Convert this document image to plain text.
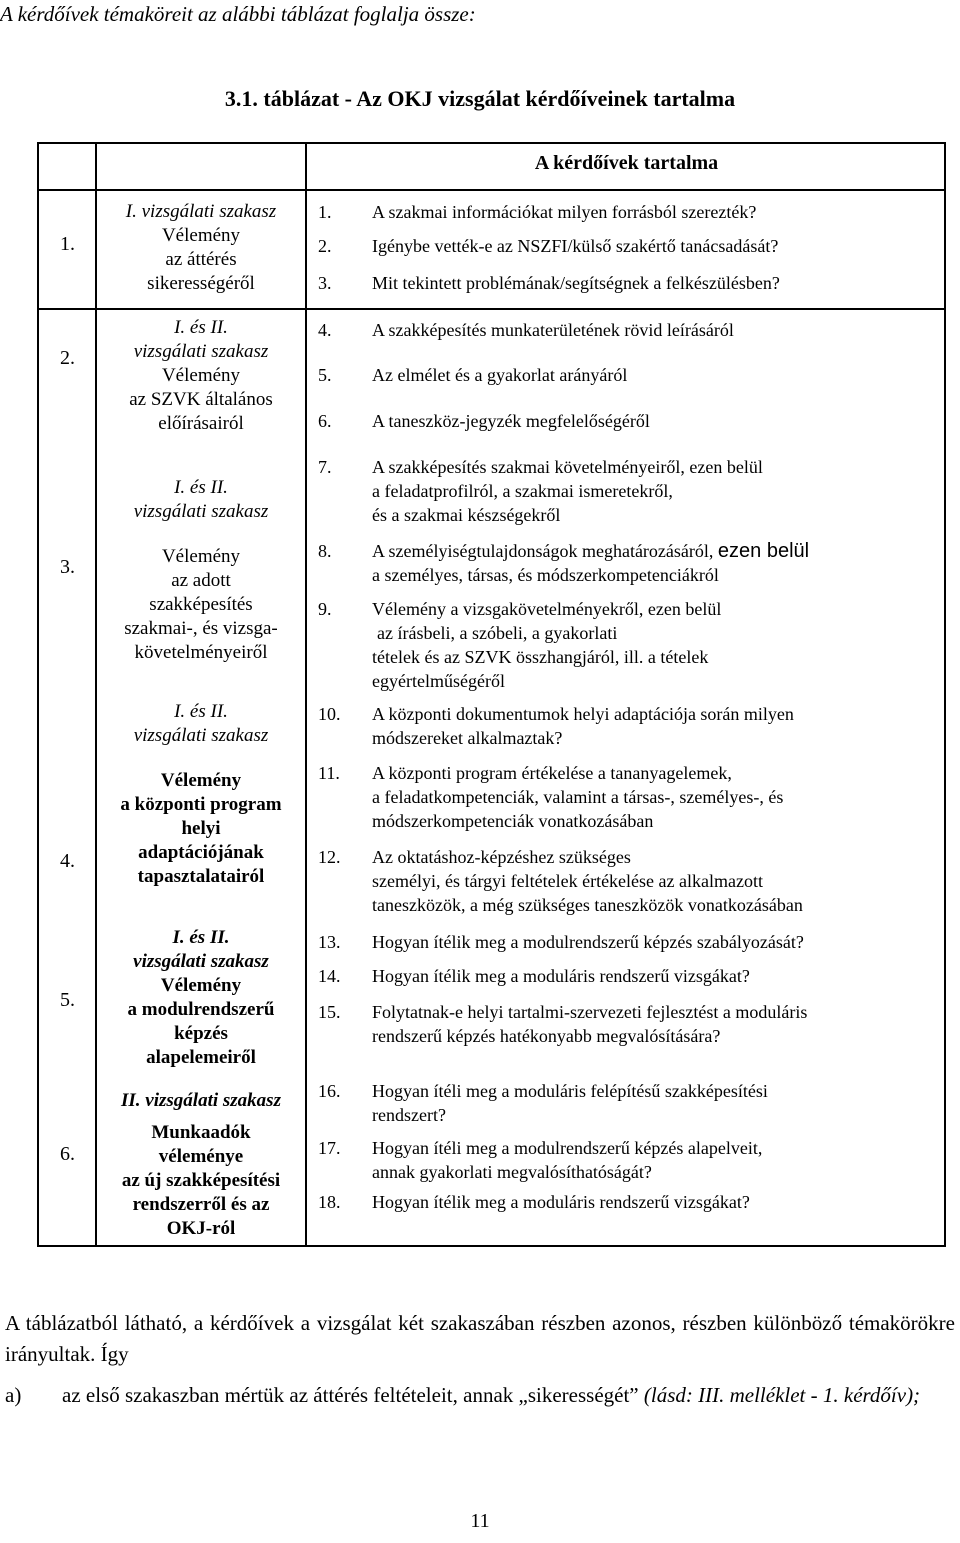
A kérdőívek témaköreit az alábbi táblázat foglalja össze:
3.1. táblázat - Az OKJ vizsgálat kérdőíveinek tartalma
A kérdőívek tartalma
1.
2.
3.
4.
5.
6.
I. vizsgálati szakasz
Vélemény
az áttérés
sikerességéről
I. és II.
vizsgálati szakasz
Vélemény
az SZVK általános
előírásairól
I. és II.
vizsgálati szakasz
Vélemény
az adott
szakképesítés
szakmai-, és vizsga-
követelményeiről
I. és II.
vizsgálati szakasz
Vélemény
a központi program
helyi
adaptációjának
tapasztalatairól
I. és II.
vizsgálati szakasz
Vélemény
a modulrendszerű
képzés
alapelemeiről
II. vizsgálati szakasz
Munkaadók
véleménye
az új szakképesítési
rendszerről és az
OKJ-ról
1. A szakmai információkat milyen forrásból szerezték?
2. Igénybe vették-e az NSZFI/külső szakértő tanácsadását?
3. Mit tekintett problémának/segítségnek a felkészülésben?
4. A szakképesítés munkaterületének rövid leírásáról
5. Az elmélet és a gyakorlat arányáról
6. A taneszköz-jegyzék megfelelőségéről
7. A szakképesítés szakmai követelményeiről, ezen belül
a feladatprofilról, a szakmai ismeretekről,
és a szakmai készségekről
8. A személyiségtulajdonságok meghatározásáról, ezen belül
a személyes, társas, és módszerkompetenciákról
9. Vélemény a vizsgakövetelményekről, ezen belül
az írásbeli, a szóbeli, a gyakorlati
tételek és az SZVK összhangjáról, ill. a tételek
egyértelműségéről
10. A központi dokumentumok helyi adaptációja során milyen
módszereket alkalmaztak?
11. A központi program értékelése a tananyagelemek,
a feladatkompetenciák, valamint a társas-, személyes-, és
módszerkompetenciák vonatkozásában
12. Az oktatáshoz-képzéshez szükséges
személyi, és tárgyi feltételek értékelése az alkalmazott
taneszközök, a még szükséges taneszközök vonatkozásában
13. Hogyan ítélik meg a modulrendszerű képzés szabályozását?
14. Hogyan ítélik meg a moduláris rendszerű vizsgákat?
15. Folytatnak-e helyi tartalmi-szervezeti fejlesztést a moduláris
rendszerű képzés hatékonyabb megvalósítására?
16. Hogyan ítéli meg a moduláris felépítésű szakképesítési
rendszert?
17. Hogyan ítéli meg a modulrendszerű képzés alapelveit,
annak gyakorlati megvalósíthatóságát?
18. Hogyan ítélik meg a moduláris rendszerű vizsgákat?
A táblázatból látható, a kérdőívek a vizsgálat két szakaszában részben azonos, részben különböző témakörökre irányultak. Így
a) az első szakaszban mértük az áttérés feltételeit, annak „sikerességét” (lásd: III. melléklet - 1. kérdőív);
11
